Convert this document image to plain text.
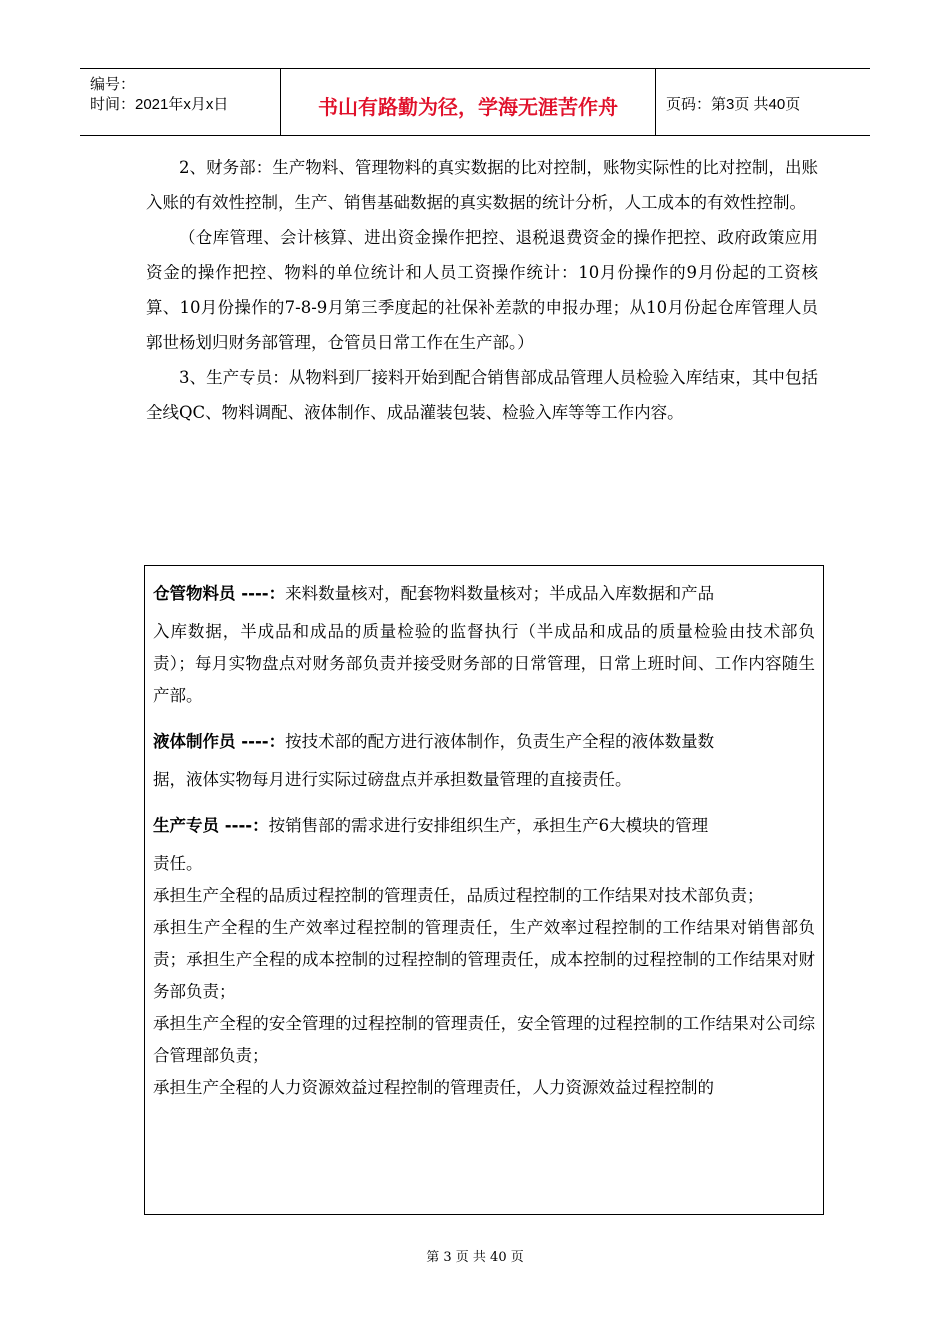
编号：
时间：2021年x月x日	书山有路勤为径，学海无涯苦作舟	页码：第3页 共40页

2、财务部：生产物料、管理物料的真实数据的比对控制，账物实际性的比对控制，出账入账的有效性控制，生产、销售基础数据的真实数据的统计分析，人工成本的有效性控制。

（仓库管理、会计核算、进出资金操作把控、退税退费资金的操作把控、政府政策应用资金的操作把控、物料的单位统计和人员工资操作统计：10月份操作的9月份起的工资核算、10月份操作的7-8-9月第三季度起的社保补差款的申报办理；从10月份起仓库管理人员郭世杨划归财务部管理，仓管员日常工作在生产部。）

3、生产专员：从物料到厂接料开始到配合销售部成品管理人员检验入库结束，其中包括全线QC、物料调配、液体制作、成品灌装包装、检验入库等等工作内容。

仓管物料员 ----：来料数量核对，配套物料数量核对；半成品入库数据和产品

入库数据，半成品和成品的质量检验的监督执行（半成品和成品的质量检验由技术部负责）；每月实物盘点对财务部负责并接受财务部的日常管理，日常上班时间、工作内容随生产部。

液体制作员 ----：按技术部的配方进行液体制作，负责生产全程的液体数量数

据，液体实物每月进行实际过磅盘点并承担数量管理的直接责任。

生产专员 ----：按销售部的需求进行安排组织生产，承担生产6大模块的管理

责任。

承担生产全程的品质过程控制的管理责任，品质过程控制的工作结果对技术部负责；

承担生产全程的生产效率过程控制的管理责任，生产效率过程控制的工作结果对销售部负责；承担生产全程的成本控制的过程控制的管理责任，成本控制的过程控制的工作结果对财务部负责；

承担生产全程的安全管理的过程控制的管理责任，安全管理的过程控制的工作结果对公司综合管理部负责；

承担生产全程的人力资源效益过程控制的管理责任，人力资源效益过程控制的

第 3 页 共 40 页
